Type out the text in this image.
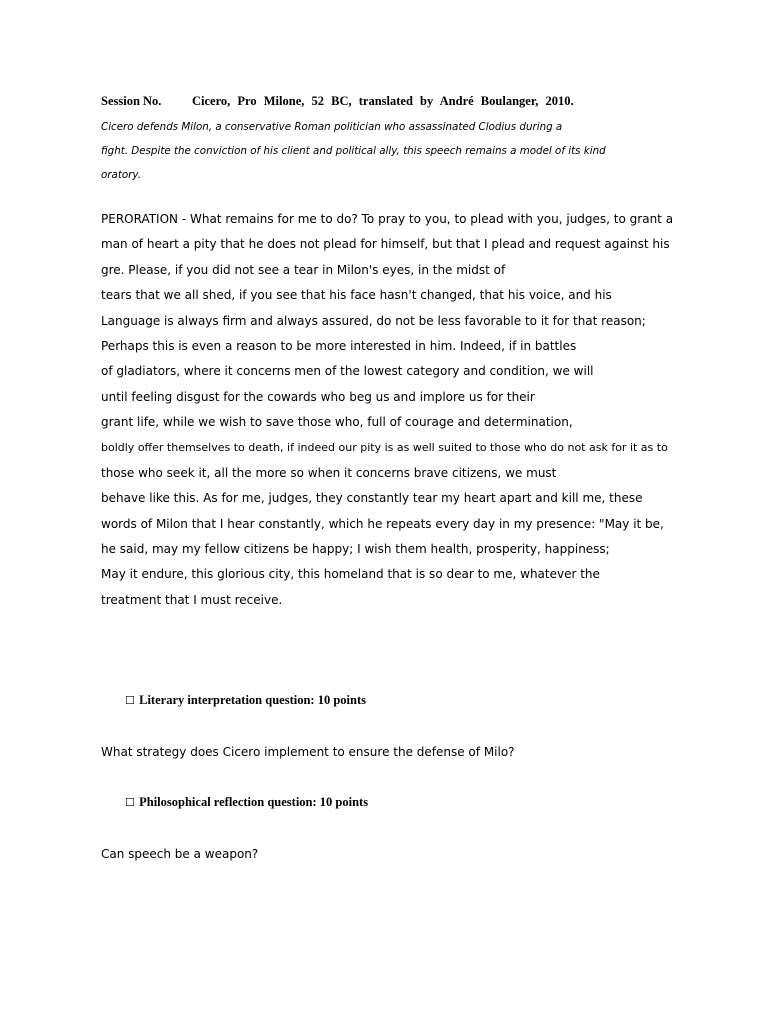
Session No. Cicero, Pro Milone, 52 BC, translated by André Boulanger, 2010.
Cicero defends Milon, a conservative Roman politician who assassinated Clodius during a
fight. Despite the conviction of his client and political ally, this speech remains a model of its kind
oratory.
PERORATION - What remains for me to do? To pray to you, to plead with you, judges, to grant a
man of heart a pity that he does not plead for himself, but that I plead and request against his
gre. Please, if you did not see a tear in Milon's eyes, in the midst of
tears that we all shed, if you see that his face hasn't changed, that his voice, and his
Language is always firm and always assured, do not be less favorable to it for that reason;
Perhaps this is even a reason to be more interested in him. Indeed, if in battles
of gladiators, where it concerns men of the lowest category and condition, we will
until feeling disgust for the cowards who beg us and implore us for their
grant life, while we wish to save those who, full of courage and determination,
boldly offer themselves to death, if indeed our pity is as well suited to those who do not ask for it as to
those who seek it, all the more so when it concerns brave citizens, we must
behave like this. As for me, judges, they constantly tear my heart apart and kill me, these
words of Milon that I hear constantly, which he repeats every day in my presence: "May it be,
he said, may my fellow citizens be happy; I wish them health, prosperity, happiness;
May it endure, this glorious city, this homeland that is so dear to me, whatever the
treatment that I must receive.
☐ Literary interpretation question: 10 points
What strategy does Cicero implement to ensure the defense of Milo?
☐ Philosophical reflection question: 10 points
Can speech be a weapon?
